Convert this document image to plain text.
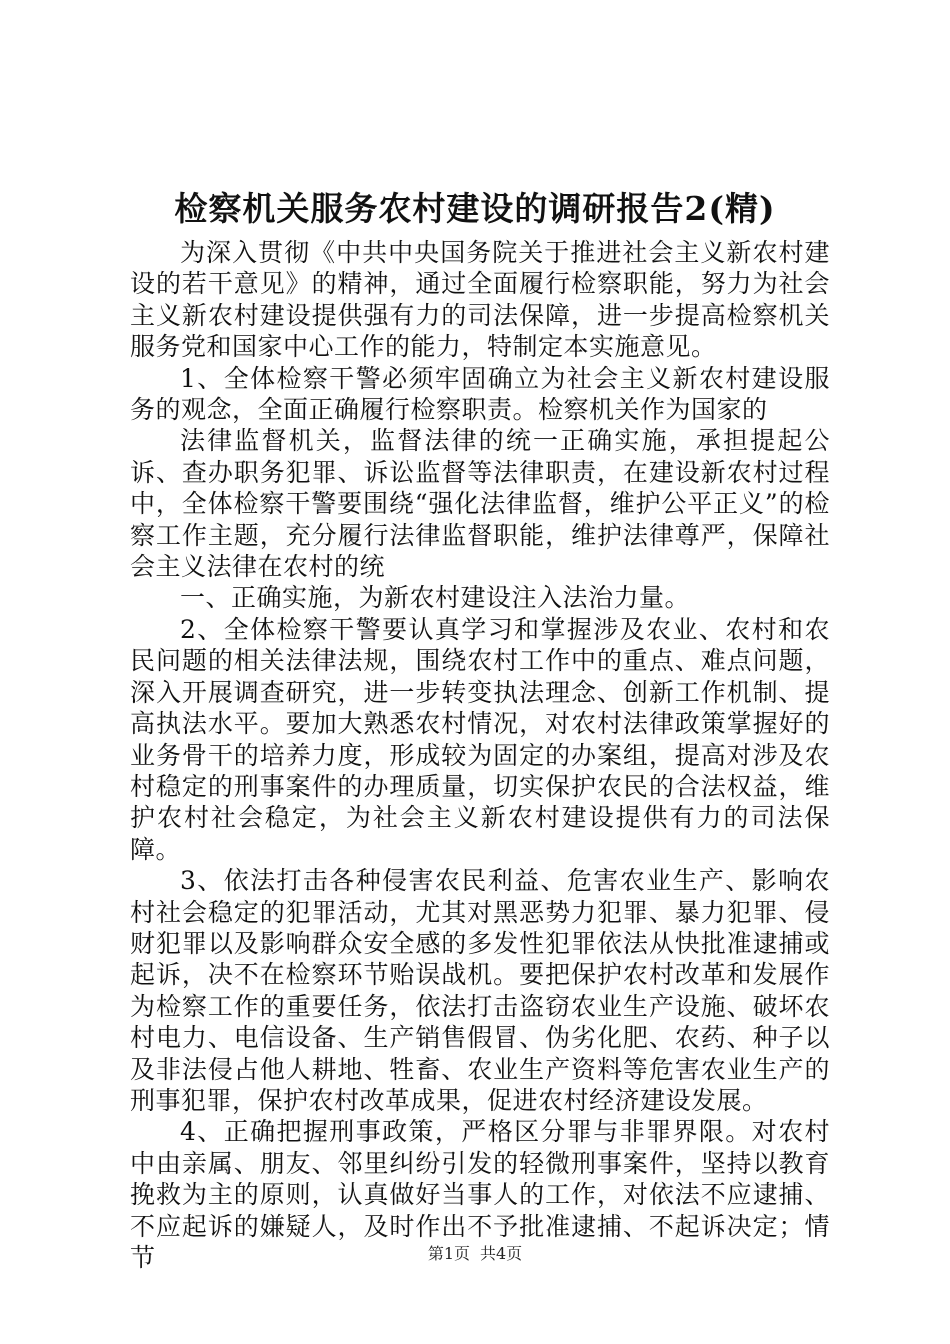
检察机关服务农村建设的调研报告2(精)

为深入贯彻《中共中央国务院关于推进社会主义新农村建设的若干意见》的精神，通过全面履行检察职能，努力为社会主义新农村建设提供强有力的司法保障，进一步提高检察机关服务党和国家中心工作的能力，特制定本实施意见。

1、全体检察干警必须牢固确立为社会主义新农村建设服务的观念，全面正确履行检察职责。检察机关作为国家的

法律监督机关，监督法律的统一正确实施，承担提起公诉、查办职务犯罪、诉讼监督等法律职责，在建设新农村过程中，全体检察干警要围绕“强化法律监督，维护公平正义”的检察工作主题，充分履行法律监督职能，维护法律尊严，保障社会主义法律在农村的统

一、正确实施，为新农村建设注入法治力量。

2、全体检察干警要认真学习和掌握涉及农业、农村和农民问题的相关法律法规，围绕农村工作中的重点、难点问题，深入开展调查研究，进一步转变执法理念、创新工作机制、提高执法水平。要加大熟悉农村情况，对农村法律政策掌握好的业务骨干的培养力度，形成较为固定的办案组，提高对涉及农村稳定的刑事案件的办理质量，切实保护农民的合法权益，维护农村社会稳定，为社会主义新农村建设提供有力的司法保障。

3、依法打击各种侵害农民利益、危害农业生产、影响农村社会稳定的犯罪活动，尤其对黑恶势力犯罪、暴力犯罪、侵财犯罪以及影响群众安全感的多发性犯罪依法从快批准逮捕或起诉，决不在检察环节贻误战机。要把保护农村改革和发展作为检察工作的重要任务，依法打击盗窃农业生产设施、破坏农村电力、电信设备、生产销售假冒、伪劣化肥、农药、种子以及非法侵占他人耕地、牲畜、农业生产资料等危害农业生产的刑事犯罪，保护农村改革成果，促进农村经济建设发展。

4、正确把握刑事政策，严格区分罪与非罪界限。对农村中由亲属、朋友、邻里纠纷引发的轻微刑事案件，坚持以教育挽救为主的原则，认真做好当事人的工作，对依法不应逮捕、不应起诉的嫌疑人，及时作出不予批准逮捕、不起诉决定；情节	第1页 共4页
